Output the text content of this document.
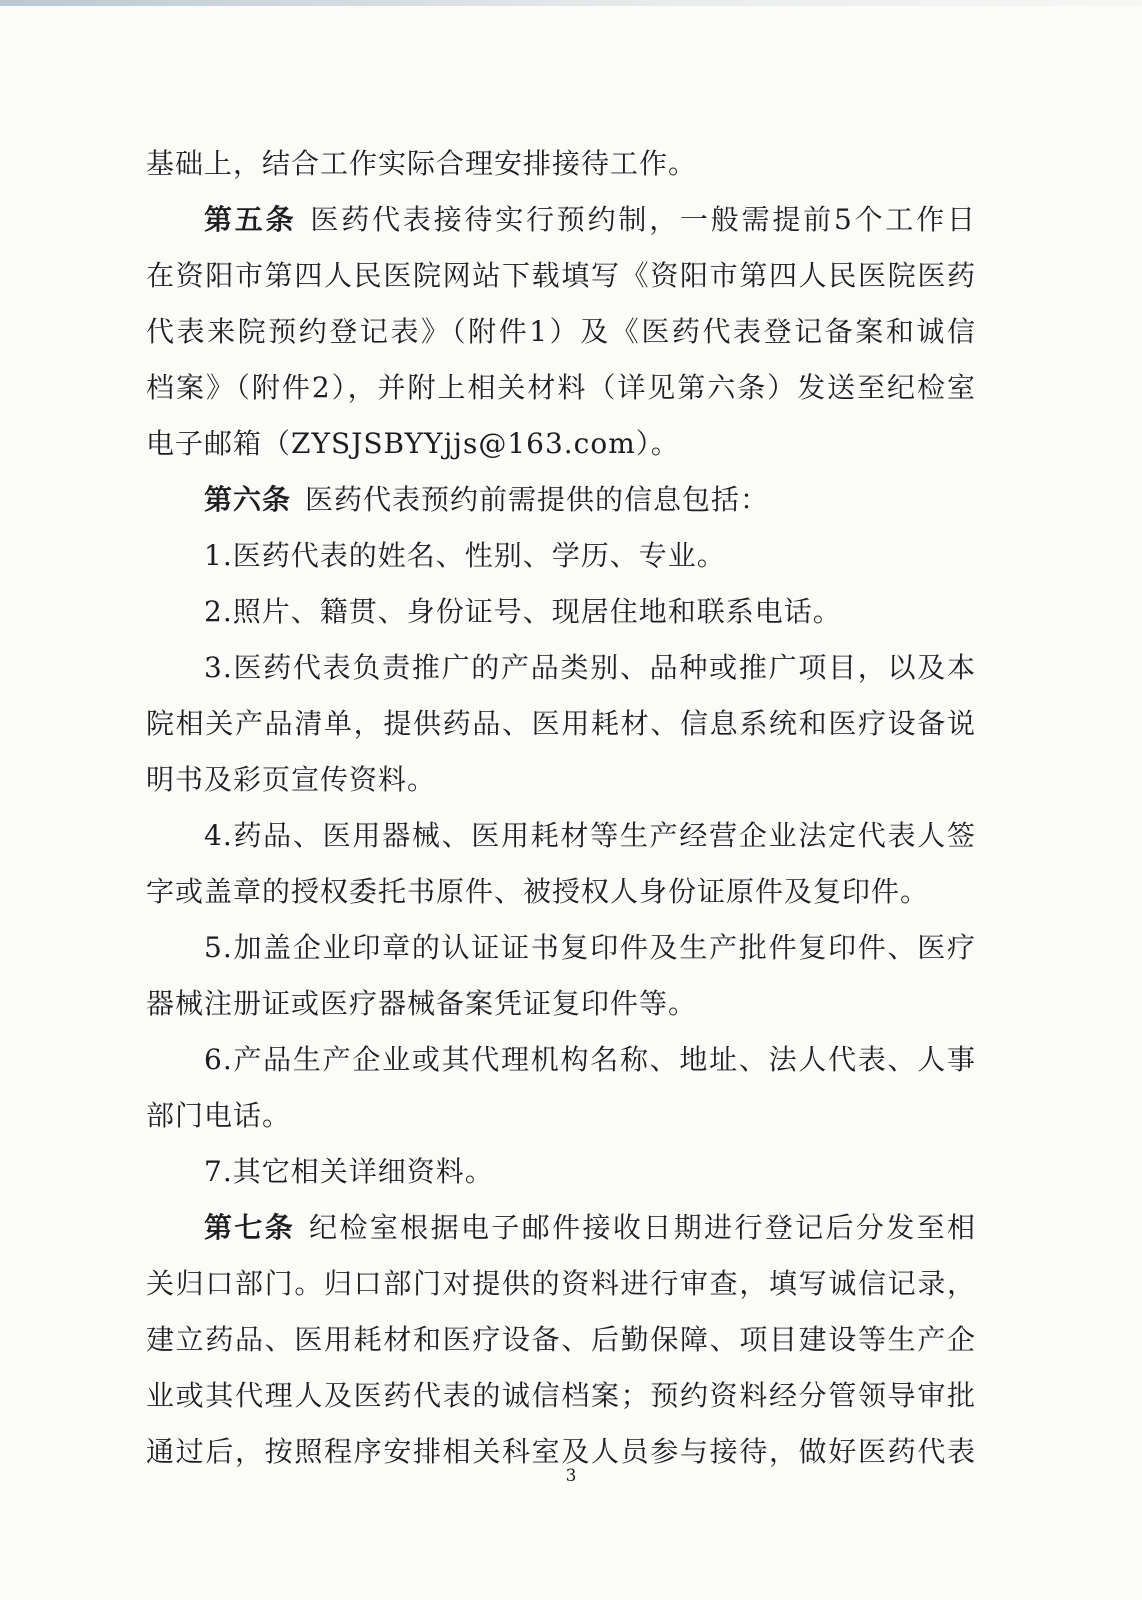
基础上，结合工作实际合理安排接待工作。
第五条 医药代表接待实行预约制，一般需提前5个工作日
在资阳市第四人民医院网站下载填写《资阳市第四人民医院医药
代表来院预约登记表》（附件1）及《医药代表登记备案和诚信
档案》（附件2），并附上相关材料（详见第六条）发送至纪检室
电子邮箱（ZYSJSBYYjjs@163.com）。
第六条 医药代表预约前需提供的信息包括：
1.医药代表的姓名、性别、学历、专业。
2.照片、籍贯、身份证号、现居住地和联系电话。
3.医药代表负责推广的产品类别、品种或推广项目，以及本
院相关产品清单，提供药品、医用耗材、信息系统和医疗设备说
明书及彩页宣传资料。
4.药品、医用器械、医用耗材等生产经营企业法定代表人签
字或盖章的授权委托书原件、被授权人身份证原件及复印件。
5.加盖企业印章的认证证书复印件及生产批件复印件、医疗
器械注册证或医疗器械备案凭证复印件等。
6.产品生产企业或其代理机构名称、地址、法人代表、人事
部门电话。
7.其它相关详细资料。
第七条 纪检室根据电子邮件接收日期进行登记后分发至相
关归口部门。归口部门对提供的资料进行审查，填写诚信记录，
建立药品、医用耗材和医疗设备、后勤保障、项目建设等生产企
业或其代理人及医药代表的诚信档案；预约资料经分管领导审批
通过后，按照程序安排相关科室及人员参与接待，做好医药代表
3
